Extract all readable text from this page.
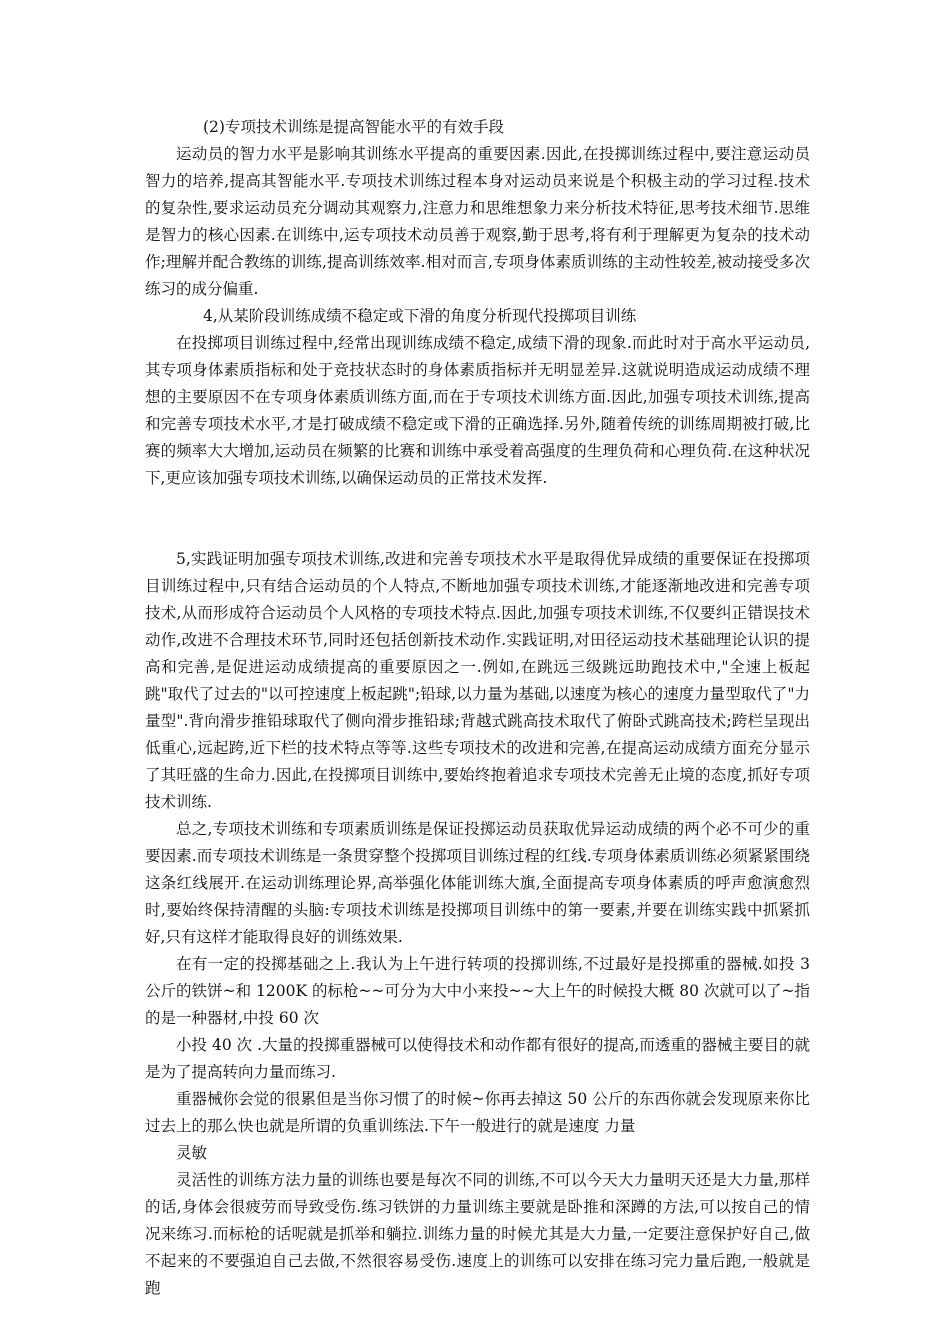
(2)专项技术训练是提高智能水平的有效手段

运动员的智力水平是影响其训练水平提高的重要因素.因此,在投掷训练过程中,要注意运动员智力的培养,提高其智能水平.专项技术训练过程本身对运动员来说是个积极主动的学习过程.技术的复杂性,要求运动员充分调动其观察力,注意力和思维想象力来分析技术特征,思考技术细节.思维是智力的核心因素.在训练中,运专项技术动员善于观察,勤于思考,将有利于理解更为复杂的技术动作;理解并配合教练的训练,提高训练效率.相对而言,专项身体素质训练的主动性较差,被动接受多次练习的成分偏重.

4,从某阶段训练成绩不稳定或下滑的角度分析现代投掷项目训练

在投掷项目训练过程中,经常出现训练成绩不稳定,成绩下滑的现象.而此时对于高水平运动员,其专项身体素质指标和处于竞技状态时的身体素质指标并无明显差异.这就说明造成运动成绩不理想的主要原因不在专项身体素质训练方面,而在于专项技术训练方面.因此,加强专项技术训练,提高和完善专项技术水平,才是打破成绩不稳定或下滑的正确选择.另外,随着传统的训练周期被打破,比赛的频率大大增加,运动员在频繁的比赛和训练中承受着高强度的生理负荷和心理负荷.在这种状况下,更应该加强专项技术训练,以确保运动员的正常技术发挥.

5,实践证明加强专项技术训练,改进和完善专项技术水平是取得优异成绩的重要保证在投掷项目训练过程中,只有结合运动员的个人特点,不断地加强专项技术训练,才能逐渐地改进和完善专项技术,从而形成符合运动员个人风格的专项技术特点.因此,加强专项技术训练,不仅要纠正错误技术动作,改进不合理技术环节,同时还包括创新技术动作.实践证明,对田径运动技术基础理论认识的提高和完善,是促进运动成绩提高的重要原因之一.例如,在跳远三级跳远助跑技术中,"全速上板起跳"取代了过去的"以可控速度上板起跳";铅球,以力量为基础,以速度为核心的速度力量型取代了"力量型".背向滑步推铅球取代了侧向滑步推铅球;背越式跳高技术取代了俯卧式跳高技术;跨栏呈现出低重心,远起跨,近下栏的技术特点等等.这些专项技术的改进和完善,在提高运动成绩方面充分显示了其旺盛的生命力.因此,在投掷项目训练中,要始终抱着追求专项技术完善无止境的态度,抓好专项技术训练.

总之,专项技术训练和专项素质训练是保证投掷运动员获取优异运动成绩的两个必不可少的重要因素.而专项技术训练是一条贯穿整个投掷项目训练过程的红线.专项身体素质训练必须紧紧围绕这条红线展开.在运动训练理论界,高举强化体能训练大旗,全面提高专项身体素质的呼声愈演愈烈时,要始终保持清醒的头脑:专项技术训练是投掷项目训练中的第一要素,并要在训练实践中抓紧抓好,只有这样才能取得良好的训练效果.

在有一定的投掷基础之上.我认为上午进行转项的投掷训练,不过最好是投掷重的器械.如投 3 公斤的铁饼~和 1200K 的标枪~~可分为大中小来投~~大上午的时候投大概 80 次就可以了~指的是一种器材,中投 60 次

小投 40 次 .大量的投掷重器械可以使得技术和动作都有很好的提高,而透重的器械主要目的就是为了提高转向力量而练习.

重器械你会觉的很累但是当你习惯了的时候~你再去掉这 50 公斤的东西你就会发现原来你比过去上的那么快也就是所谓的负重训练法.下午一般进行的就是速度 力量

灵敏

灵活性的训练方法力量的训练也要是每次不同的训练,不可以今天大力量明天还是大力量,那样的话,身体会很疲劳而导致受伤.练习铁饼的力量训练主要就是卧推和深蹲的方法,可以按自己的情况来练习.而标枪的话呢就是抓举和躺拉.训练力量的时候尤其是大力量,一定要注意保护好自己,做不起来的不要强迫自己去做,不然很容易受伤.速度上的训练可以安排在练习完力量后跑,一般就是跑
